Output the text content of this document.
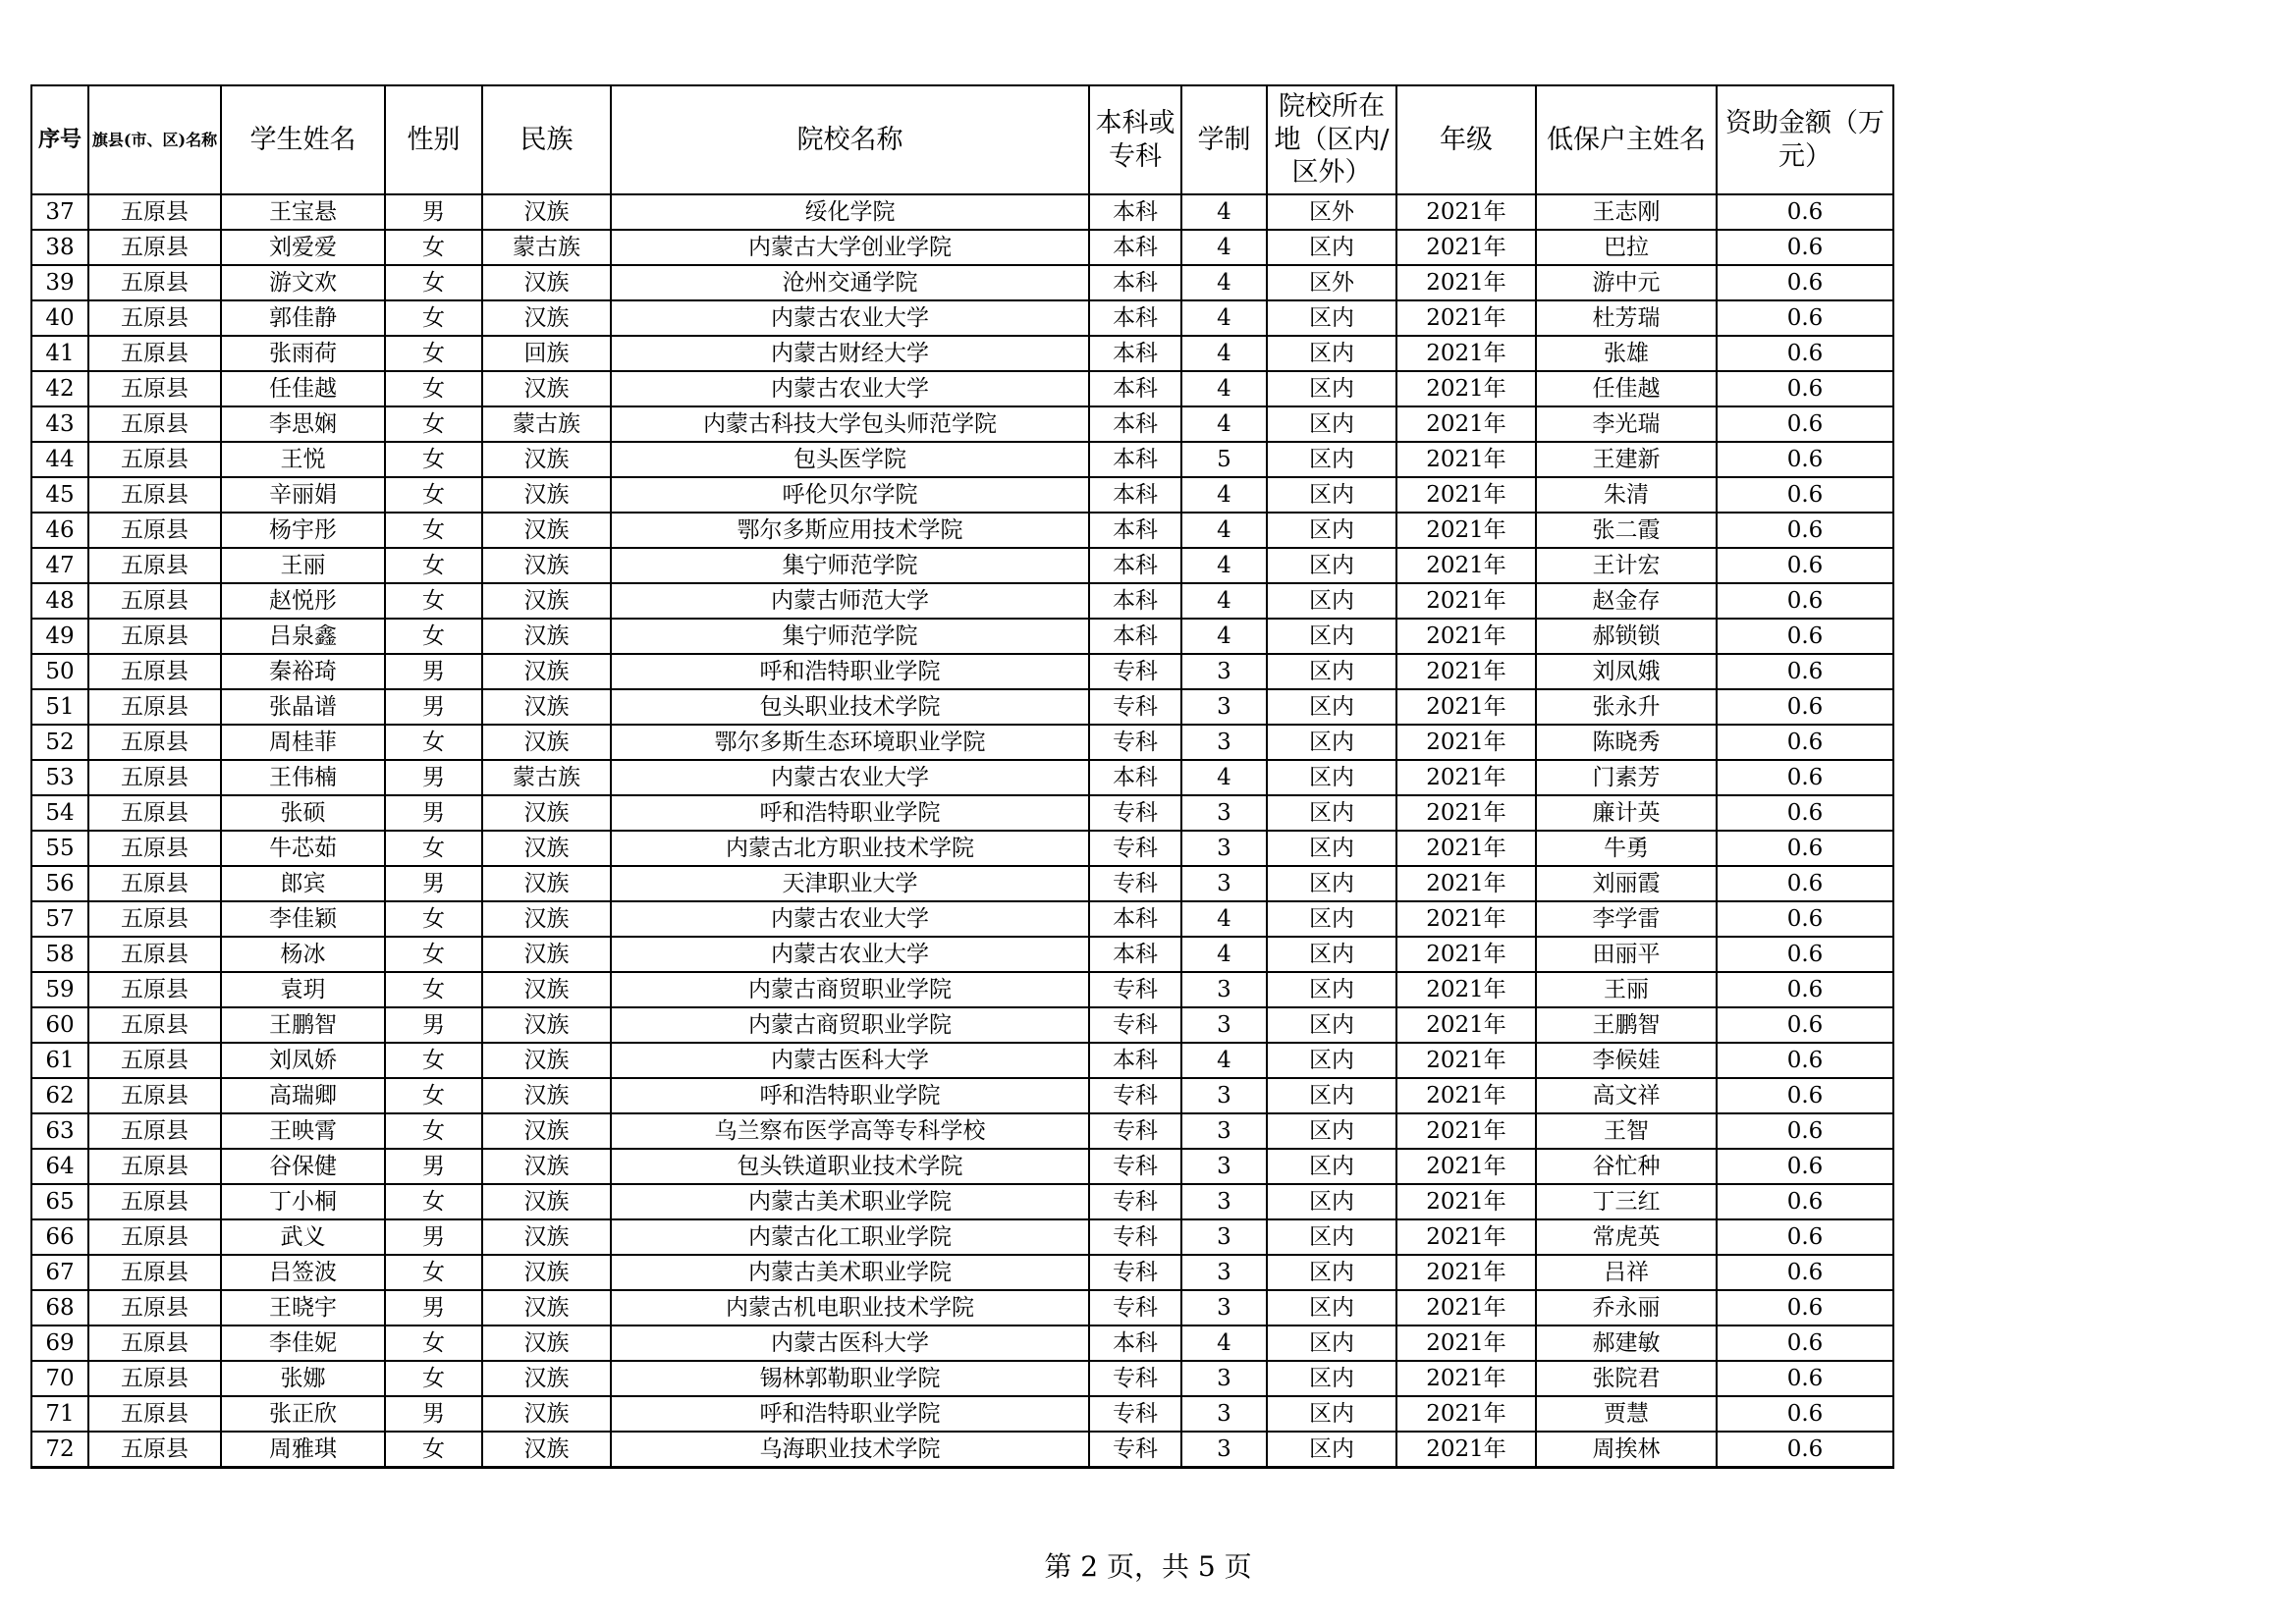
序号	旗县(市、区)名称	学生姓名	性别	民族	院校名称	本科或专科	学制	院校所在地（区内/区外）	年级	低保户主姓名	资助金额（万元）
37	五原县	王宝悬	男	汉族	绥化学院	本科	4	区外	2021年	王志刚	0.6
38	五原县	刘爱爱	女	蒙古族	内蒙古大学创业学院	本科	4	区内	2021年	巴拉	0.6
39	五原县	游文欢	女	汉族	沧州交通学院	本科	4	区外	2021年	游中元	0.6
40	五原县	郭佳静	女	汉族	内蒙古农业大学	本科	4	区内	2021年	杜芳瑞	0.6
41	五原县	张雨荷	女	回族	内蒙古财经大学	本科	4	区内	2021年	张雄	0.6
42	五原县	任佳越	女	汉族	内蒙古农业大学	本科	4	区内	2021年	任佳越	0.6
43	五原县	李思娴	女	蒙古族	内蒙古科技大学包头师范学院	本科	4	区内	2021年	李光瑞	0.6
44	五原县	王悦	女	汉族	包头医学院	本科	5	区内	2021年	王建新	0.6
45	五原县	辛丽娟	女	汉族	呼伦贝尔学院	本科	4	区内	2021年	朱清	0.6
46	五原县	杨宇彤	女	汉族	鄂尔多斯应用技术学院	本科	4	区内	2021年	张二霞	0.6
47	五原县	王丽	女	汉族	集宁师范学院	本科	4	区内	2021年	王计宏	0.6
48	五原县	赵悦彤	女	汉族	内蒙古师范大学	本科	4	区内	2021年	赵金存	0.6
49	五原县	吕泉鑫	女	汉族	集宁师范学院	本科	4	区内	2021年	郝锁锁	0.6
50	五原县	秦裕琦	男	汉族	呼和浩特职业学院	专科	3	区内	2021年	刘凤娥	0.6
51	五原县	张晶谱	男	汉族	包头职业技术学院	专科	3	区内	2021年	张永升	0.6
52	五原县	周桂菲	女	汉族	鄂尔多斯生态环境职业学院	专科	3	区内	2021年	陈晓秀	0.6
53	五原县	王伟楠	男	蒙古族	内蒙古农业大学	本科	4	区内	2021年	门素芳	0.6
54	五原县	张硕	男	汉族	呼和浩特职业学院	专科	3	区内	2021年	廉计英	0.6
55	五原县	牛芯茹	女	汉族	内蒙古北方职业技术学院	专科	3	区内	2021年	牛勇	0.6
56	五原县	郎宾	男	汉族	天津职业大学	专科	3	区内	2021年	刘丽霞	0.6
57	五原县	李佳颖	女	汉族	内蒙古农业大学	本科	4	区内	2021年	李学雷	0.6
58	五原县	杨冰	女	汉族	内蒙古农业大学	本科	4	区内	2021年	田丽平	0.6
59	五原县	袁玥	女	汉族	内蒙古商贸职业学院	专科	3	区内	2021年	王丽	0.6
60	五原县	王鹏智	男	汉族	内蒙古商贸职业学院	专科	3	区内	2021年	王鹏智	0.6
61	五原县	刘凤娇	女	汉族	内蒙古医科大学	本科	4	区内	2021年	李候娃	0.6
62	五原县	高瑞卿	女	汉族	呼和浩特职业学院	专科	3	区内	2021年	高文祥	0.6
63	五原县	王映霄	女	汉族	乌兰察布医学高等专科学校	专科	3	区内	2021年	王智	0.6
64	五原县	谷保健	男	汉族	包头铁道职业技术学院	专科	3	区内	2021年	谷忙种	0.6
65	五原县	丁小桐	女	汉族	内蒙古美术职业学院	专科	3	区内	2021年	丁三红	0.6
66	五原县	武义	男	汉族	内蒙古化工职业学院	专科	3	区内	2021年	常虎英	0.6
67	五原县	吕签波	女	汉族	内蒙古美术职业学院	专科	3	区内	2021年	吕祥	0.6
68	五原县	王晓宇	男	汉族	内蒙古机电职业技术学院	专科	3	区内	2021年	乔永丽	0.6
69	五原县	李佳妮	女	汉族	内蒙古医科大学	本科	4	区内	2021年	郝建敏	0.6
70	五原县	张娜	女	汉族	锡林郭勒职业学院	专科	3	区内	2021年	张院君	0.6
71	五原县	张正欣	男	汉族	呼和浩特职业学院	专科	3	区内	2021年	贾慧	0.6
72	五原县	周雅琪	女	汉族	乌海职业技术学院	专科	3	区内	2021年	周挨林	0.6
第 2 页，共 5 页
